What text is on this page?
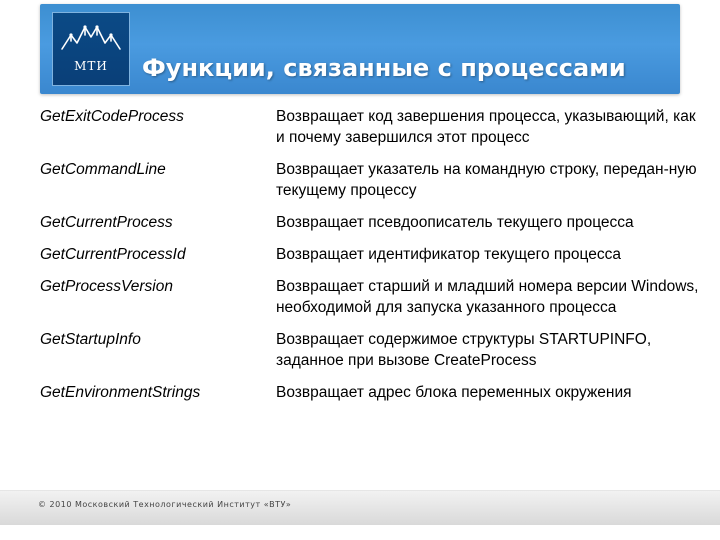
МТИ	Функции, связанные с процессами
GetExitCodeProcess	Возвращает код завершения процесса, указывающий, как и почему завершился этот процесс
GetCommandLine	Возвращает указатель на командную строку, передан-ную текущему процессу
GetCurrentProcess	Возвращает псевдоописатель текущего процесса
GetCurrentProcessId	Возвращает идентификатор текущего процесса
GetProcessVersion	Возвращает старший и младший номера версии Windows, необходимой для запуска указанного процесса
GetStartupInfo	Возвращает содержимое структуры STARTUPINFO, заданное при вызове CreateProcess
GetEnvironmentStrings	Возвращает адрес блока переменных окружения
© 2010 Московский Технологический Институт «ВТУ»
